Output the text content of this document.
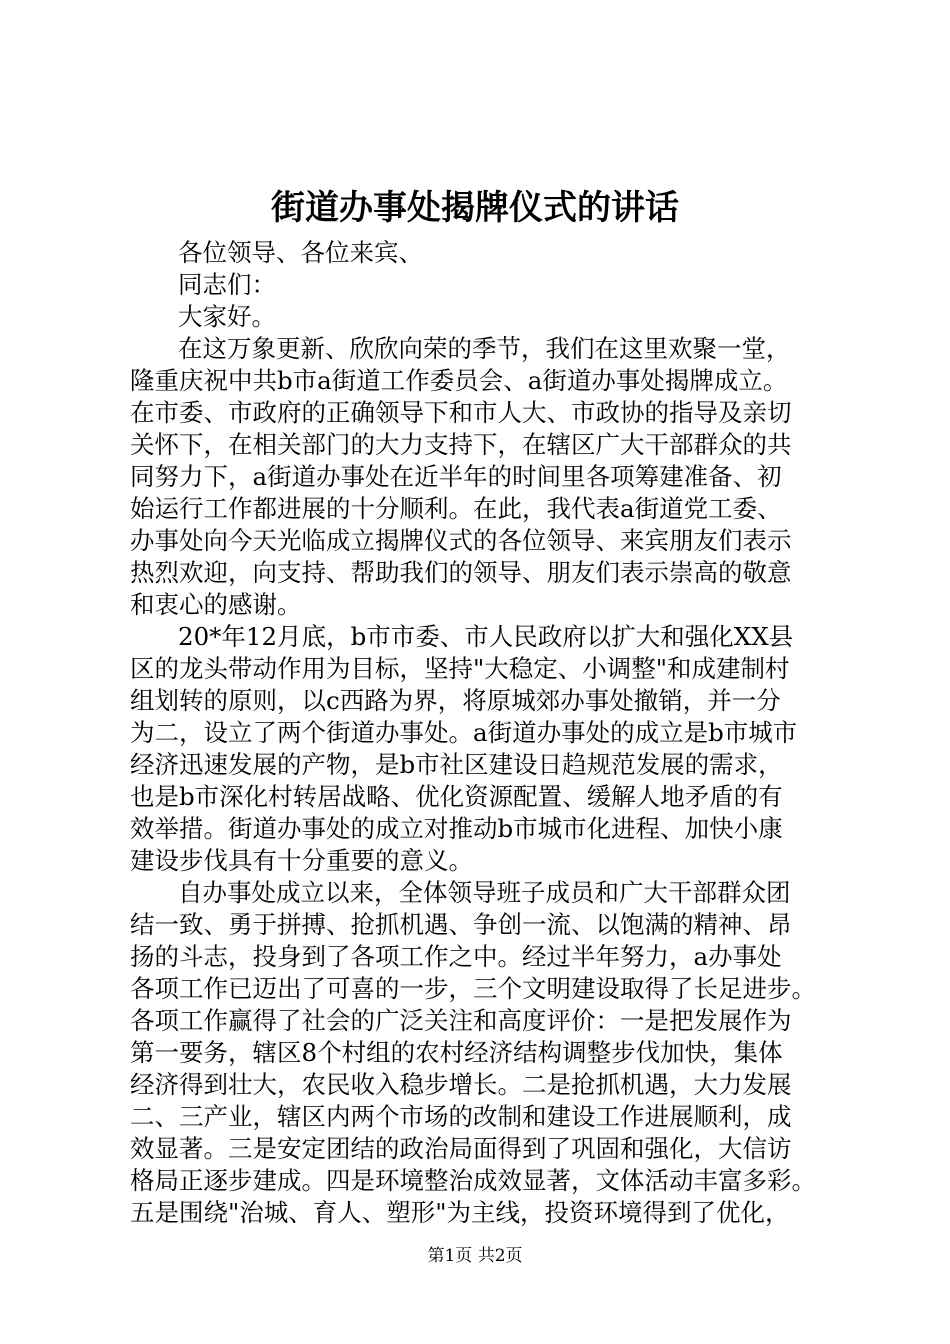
街道办事处揭牌仪式的讲话
各位领导、各位来宾、
同志们：
大家好。
在这万象更新、欣欣向荣的季节，我们在这里欢聚一堂，
隆重庆祝中共b市a街道工作委员会、a街道办事处揭牌成立。
在市委、市政府的正确领导下和市人大、市政协的指导及亲切
关怀下，在相关部门的大力支持下，在辖区广大干部群众的共
同努力下，a街道办事处在近半年的时间里各项筹建准备、初
始运行工作都进展的十分顺利。在此，我代表a街道党工委、
办事处向今天光临成立揭牌仪式的各位领导、来宾朋友们表示
热烈欢迎，向支持、帮助我们的领导、朋友们表示崇高的敬意
和衷心的感谢。
20*年12月底，b市市委、市人民政府以扩大和强化XX县
区的龙头带动作用为目标，坚持"大稳定、小调整"和成建制村
组划转的原则，以c西路为界，将原城郊办事处撤销，并一分
为二，设立了两个街道办事处。a街道办事处的成立是b市城市
经济迅速发展的产物，是b市社区建设日趋规范发展的需求，
也是b市深化村转居战略、优化资源配置、缓解人地矛盾的有
效举措。街道办事处的成立对推动b市城市化进程、加快小康
建设步伐具有十分重要的意义。
自办事处成立以来，全体领导班子成员和广大干部群众团
结一致、勇于拼搏、抢抓机遇、争创一流、以饱满的精神、昂
扬的斗志，投身到了各项工作之中。经过半年努力，a办事处
各项工作已迈出了可喜的一步，三个文明建设取得了长足进步。
各项工作赢得了社会的广泛关注和高度评价：一是把发展作为
第一要务，辖区8个村组的农村经济结构调整步伐加快，集体
经济得到壮大，农民收入稳步增长。二是抢抓机遇，大力发展
二、三产业，辖区内两个市场的改制和建设工作进展顺利，成
效显著。三是安定团结的政治局面得到了巩固和强化，大信访
格局正逐步建成。四是环境整治成效显著，文体活动丰富多彩。
五是围绕"治城、育人、塑形"为主线，投资环境得到了优化，
第1页 共2页
